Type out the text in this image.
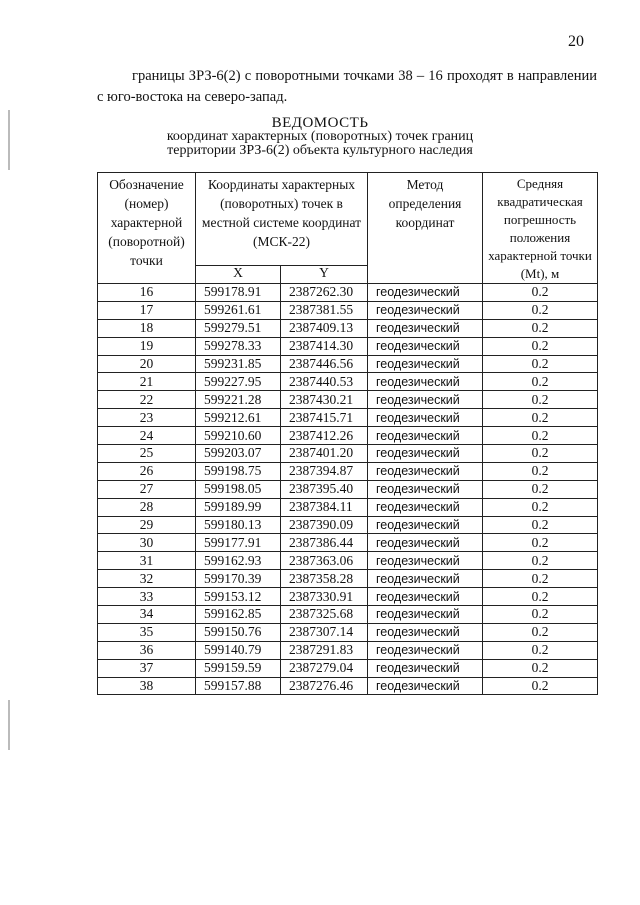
20
границы ЗРЗ-6(2) с поворотными точками 38 – 16 проходят в направлении с юго-востока на северо-запад.
ВЕДОМОСТЬ
координат характерных (поворотных) точек границ
территории ЗРЗ-6(2) объекта культурного наследия
Обозначение (номер) характерной (поворотной) точки	Координаты характерных (поворотных) точек в местной системе координат (МСК-22)		Метод определения координат	Средняя квадратическая погрешность положения характерной точки (Mt), м
	X	Y		
16	599178.91	2387262.30	геодезический	0.2
17	599261.61	2387381.55	геодезический	0.2
18	599279.51	2387409.13	геодезический	0.2
19	599278.33	2387414.30	геодезический	0.2
20	599231.85	2387446.56	геодезический	0.2
21	599227.95	2387440.53	геодезический	0.2
22	599221.28	2387430.21	геодезический	0.2
23	599212.61	2387415.71	геодезический	0.2
24	599210.60	2387412.26	геодезический	0.2
25	599203.07	2387401.20	геодезический	0.2
26	599198.75	2387394.87	геодезический	0.2
27	599198.05	2387395.40	геодезический	0.2
28	599189.99	2387384.11	геодезический	0.2
29	599180.13	2387390.09	геодезический	0.2
30	599177.91	2387386.44	геодезический	0.2
31	599162.93	2387363.06	геодезический	0.2
32	599170.39	2387358.28	геодезический	0.2
33	599153.12	2387330.91	геодезический	0.2
34	599162.85	2387325.68	геодезический	0.2
35	599150.76	2387307.14	геодезический	0.2
36	599140.79	2387291.83	геодезический	0.2
37	599159.59	2387279.04	геодезический	0.2
38	599157.88	2387276.46	геодезический	0.2
